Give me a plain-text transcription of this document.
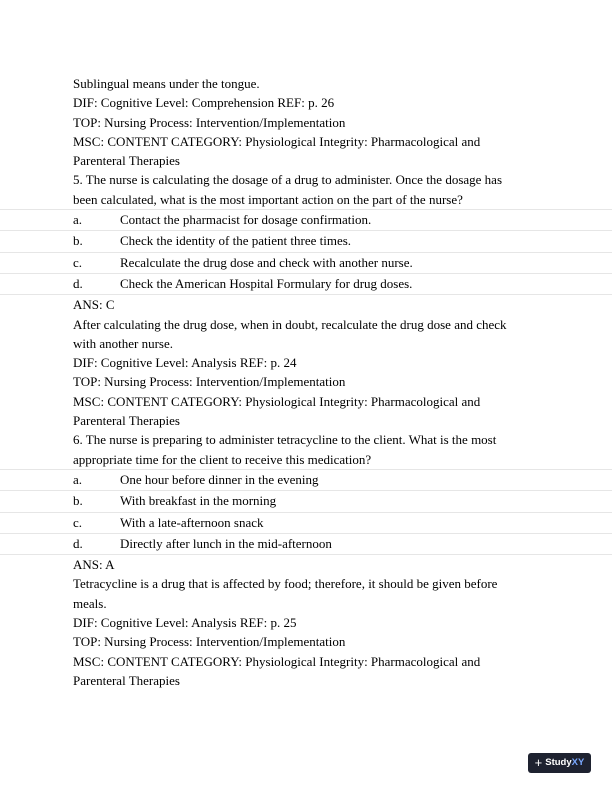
Sublingual means under the tongue.
DIF: Cognitive Level: Comprehension REF: p. 26
TOP: Nursing Process: Intervention/Implementation
MSC: CONTENT CATEGORY: Physiological Integrity: Pharmacological and
Parenteral Therapies
5. The nurse is calculating the dosage of a drug to administer. Once the dosage has
been calculated, what is the most important action on the part of the nurse?
a.	Contact the pharmacist for dosage confirmation.
b.	Check the identity of the patient three times.
c.	Recalculate the drug dose and check with another nurse.
d.	Check the American Hospital Formulary for drug doses.
ANS: C
After calculating the drug dose, when in doubt, recalculate the drug dose and check
with another nurse.
DIF: Cognitive Level: Analysis REF: p. 24
TOP: Nursing Process: Intervention/Implementation
MSC: CONTENT CATEGORY: Physiological Integrity: Pharmacological and
Parenteral Therapies
6. The nurse is preparing to administer tetracycline to the client. What is the most
appropriate time for the client to receive this medication?
a.	One hour before dinner in the evening
b.	With breakfast in the morning
c.	With a late-afternoon snack
d.	Directly after lunch in the mid-afternoon
ANS: A
Tetracycline is a drug that is affected by food; therefore, it should be given before
meals.
DIF: Cognitive Level: Analysis REF: p. 25
TOP: Nursing Process: Intervention/Implementation
MSC: CONTENT CATEGORY: Physiological Integrity: Pharmacological and
Parenteral Therapies
+ StudyXY
